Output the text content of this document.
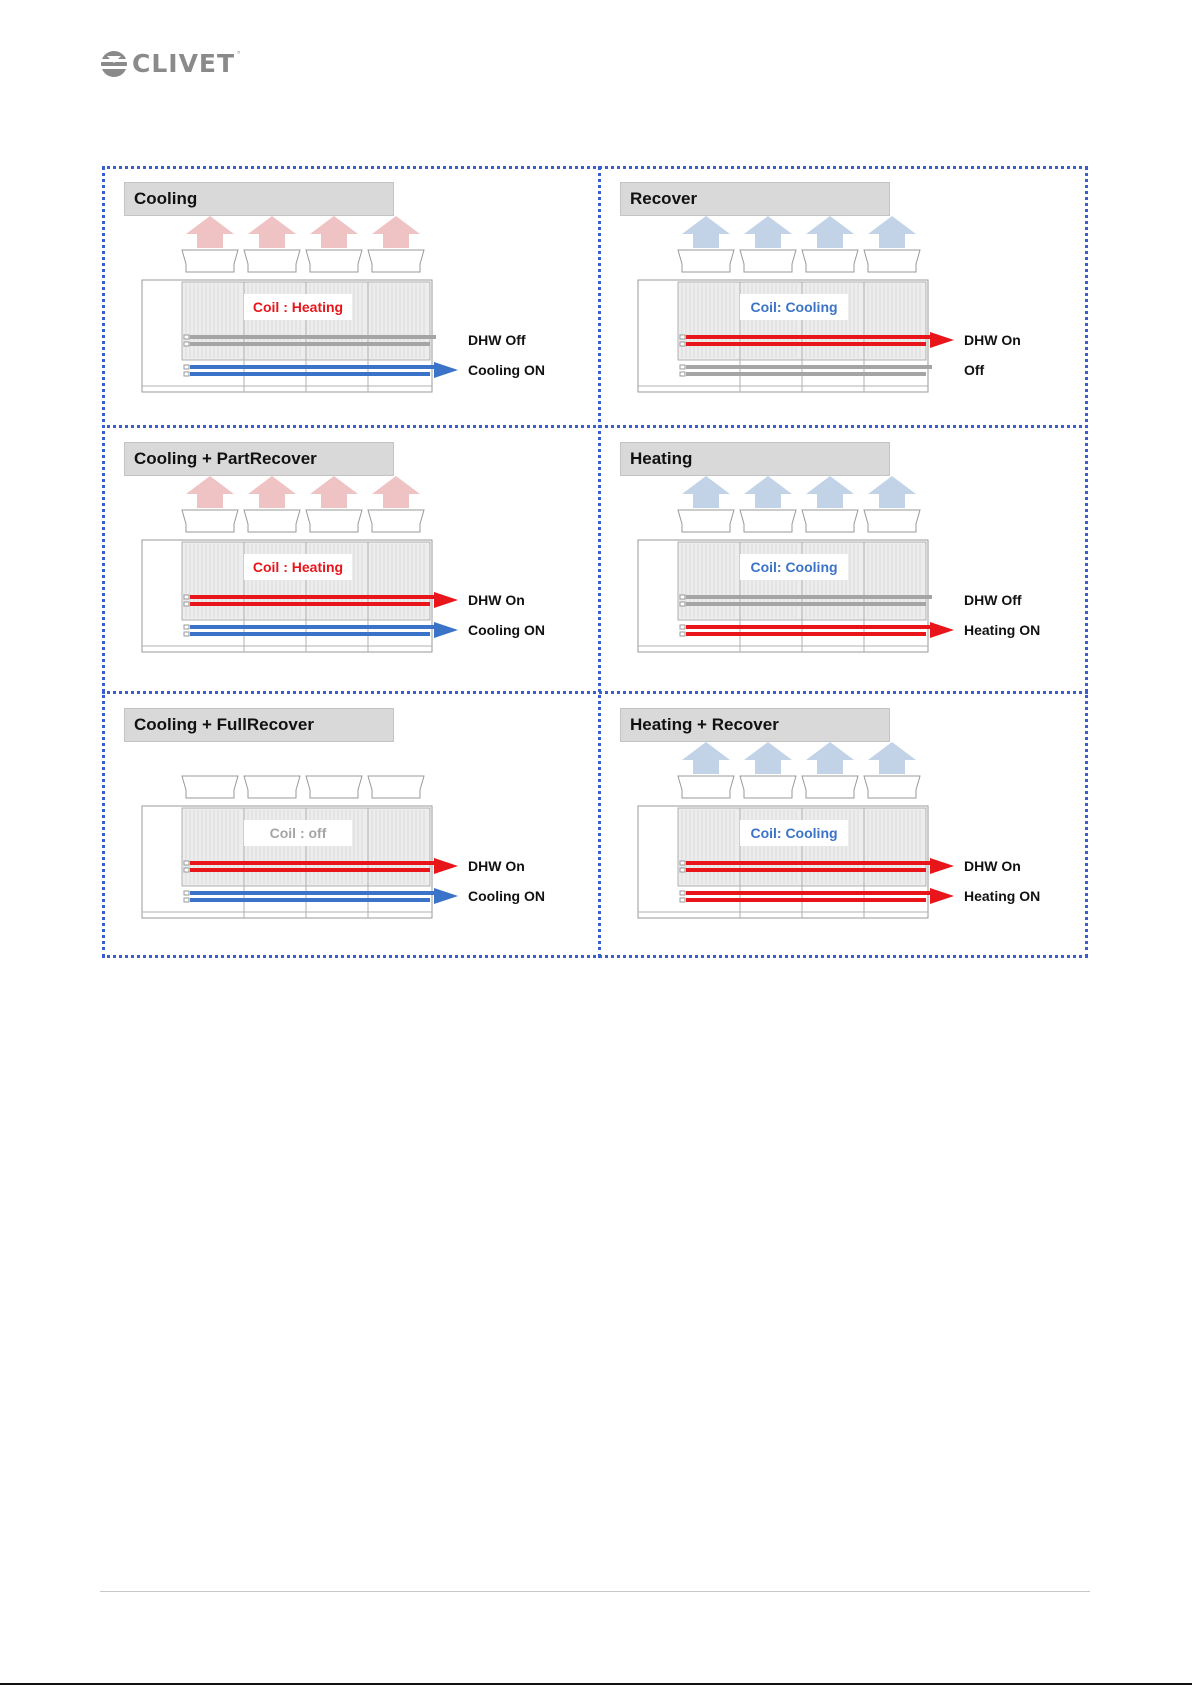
CLIVET °
Cooling
Coil : Heating
DHW Off
Cooling ON
Recover
Coil: Cooling
DHW On
Off
Cooling + PartRecover
Coil : Heating
DHW On
Cooling ON
Heating
Coil: Cooling
DHW Off
Heating ON
Cooling + FullRecover
Coil : off
DHW On
Cooling ON
Heating + Recover
Coil: Cooling
DHW On
Heating ON
